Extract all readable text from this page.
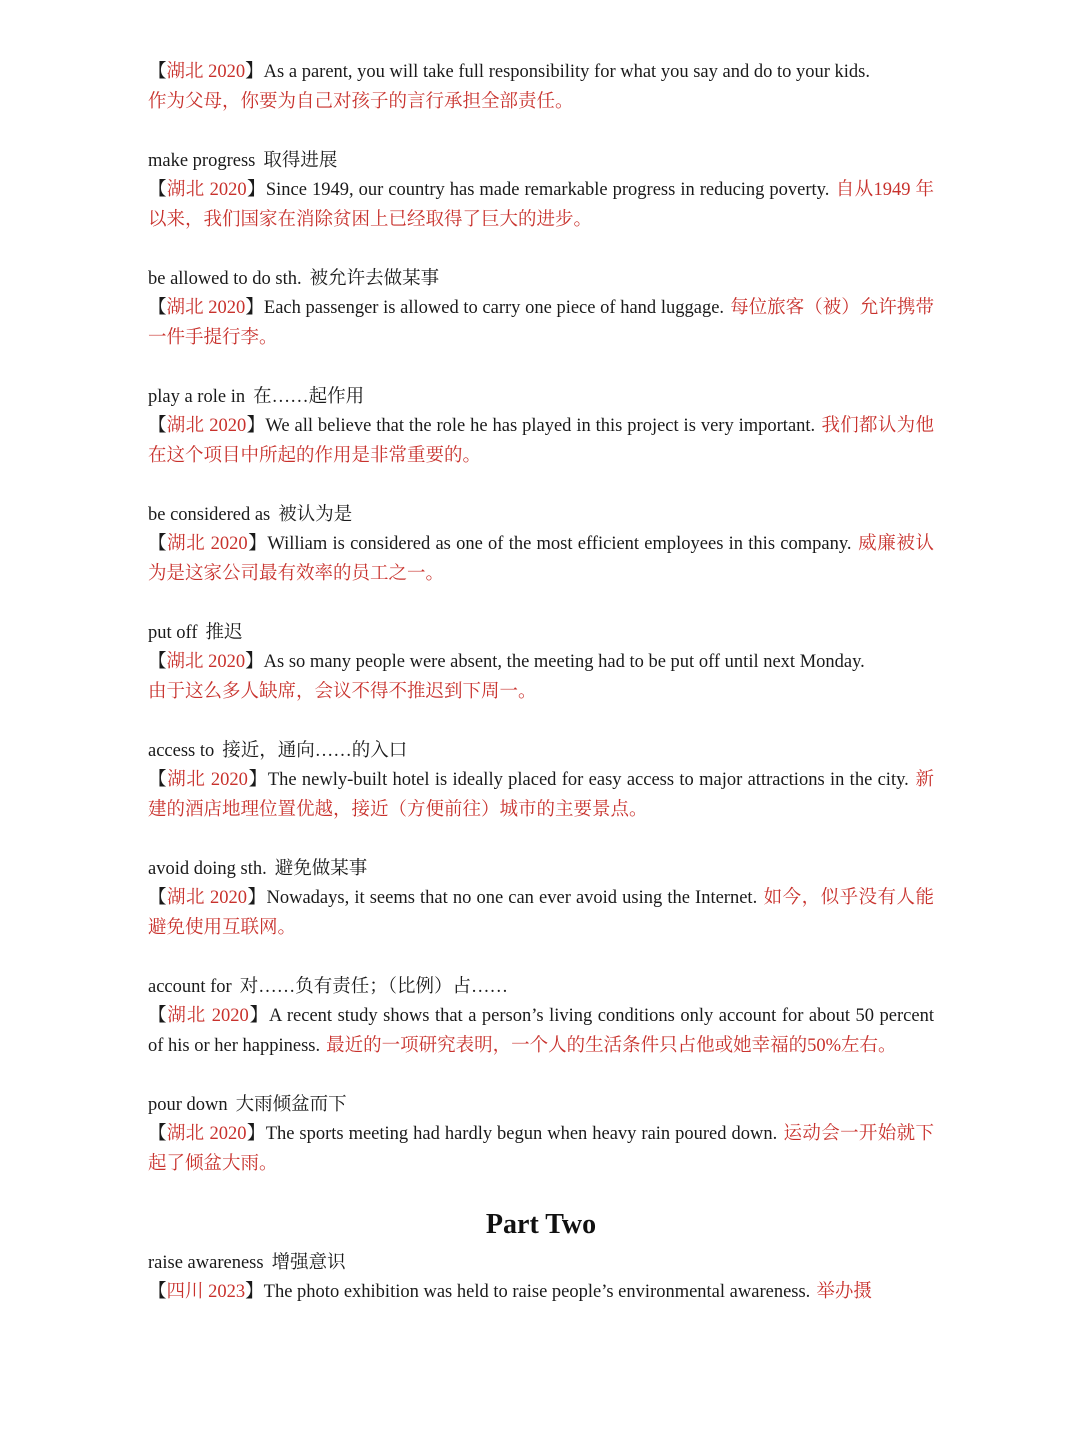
【湖北 2020】As a parent, you will take full responsibility for what you say and do to your kids.
作为父母，你要为自己对孩子的言行承担全部责任。
make progress 取得进展
【湖北 2020】Since 1949, our country has made remarkable progress in reducing poverty. 自从1949 年以来，我们国家在消除贫困上已经取得了巨大的进步。
be allowed to do sth. 被允许去做某事
【湖北 2020】Each passenger is allowed to carry one piece of hand luggage. 每位旅客（被）允许携带一件手提行李。
play a role in 在……起作用
【湖北 2020】We all believe that the role he has played in this project is very important. 我们都认为他在这个项目中所起的作用是非常重要的。
be considered as 被认为是
【湖北 2020】William is considered as one of the most efficient employees in this company. 威廉被认为是这家公司最有效率的员工之一。
put off 推迟
【湖北 2020】As so many people were absent, the meeting had to be put off until next Monday.
由于这么多人缺席，会议不得不推迟到下周一。
access to 接近，通向……的入口
【湖北 2020】The newly-built hotel is ideally placed for easy access to major attractions in the city. 新建的酒店地理位置优越，接近（方便前往）城市的主要景点。
avoid doing sth. 避免做某事
【湖北 2020】Nowadays, it seems that no one can ever avoid using the Internet. 如今，似乎没有人能避免使用互联网。
account for 对……负有责任；（比例）占……
【湖北 2020】A recent study shows that a person’s living conditions only account for about 50 percent of his or her happiness. 最近的一项研究表明，一个人的生活条件只占他或她幸福的50%左右。
pour down 大雨倾盆而下
【湖北 2020】The sports meeting had hardly begun when heavy rain poured down. 运动会一开始就下起了倾盆大雨。
Part Two
raise awareness 增强意识
【四川 2023】The photo exhibition was held to raise people’s environmental awareness. 举办摄
